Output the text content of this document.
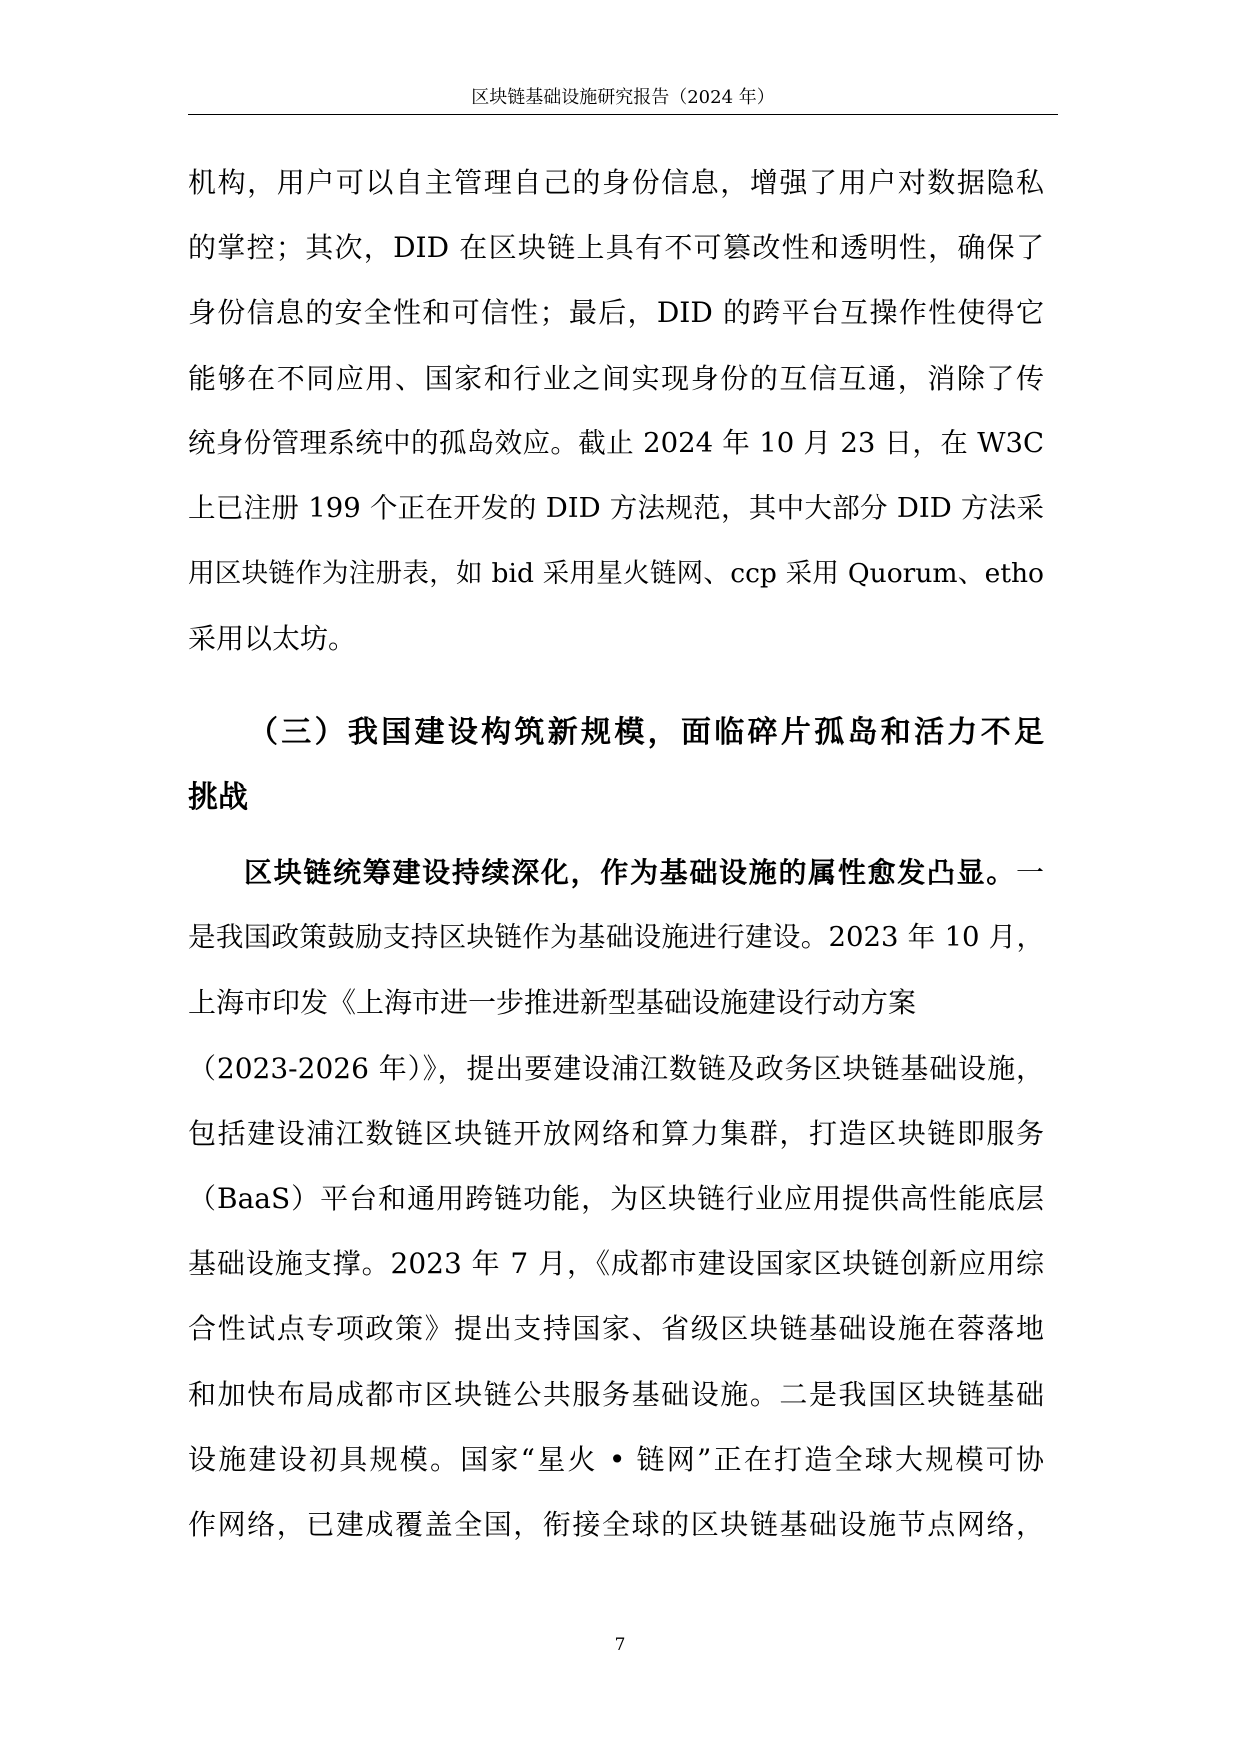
区块链基础设施研究报告（2024 年）
机构，用户可以自主管理自己的身份信息，增强了用户对数据隐私
的掌控；其次，DID 在区块链上具有不可篡改性和透明性，确保了
身份信息的安全性和可信性；最后，DID 的跨平台互操作性使得它
能够在不同应用、国家和行业之间实现身份的互信互通，消除了传
统身份管理系统中的孤岛效应。截止 2024 年 10 月 23 日，在 W3C
上已注册 199 个正在开发的 DID 方法规范，其中大部分 DID 方法采
用区块链作为注册表，如 bid 采用星火链网、ccp 采用 Quorum、etho
采用以太坊。
（三）我国建设构筑新规模，面临碎片孤岛和活力不足
挑战
区块链统筹建设持续深化，作为基础设施的属性愈发凸显。一
是我国政策鼓励支持区块链作为基础设施进行建设。2023 年 10 月，
上海市印发《上海市进一步推进新型基础设施建设行动方案
（2023-2026 年）》，提出要建设浦江数链及政务区块链基础设施，
包括建设浦江数链区块链开放网络和算力集群，打造区块链即服务
（BaaS）平台和通用跨链功能，为区块链行业应用提供高性能底层
基础设施支撑。2023 年 7 月，《成都市建设国家区块链创新应用综
合性试点专项政策》提出支持国家、省级区块链基础设施在蓉落地
和加快布局成都市区块链公共服务基础设施。二是我国区块链基础
设施建设初具规模。国家“星火 • 链网”正在打造全球大规模可协
作网络，已建成覆盖全国，衔接全球的区块链基础设施节点网络，
7
